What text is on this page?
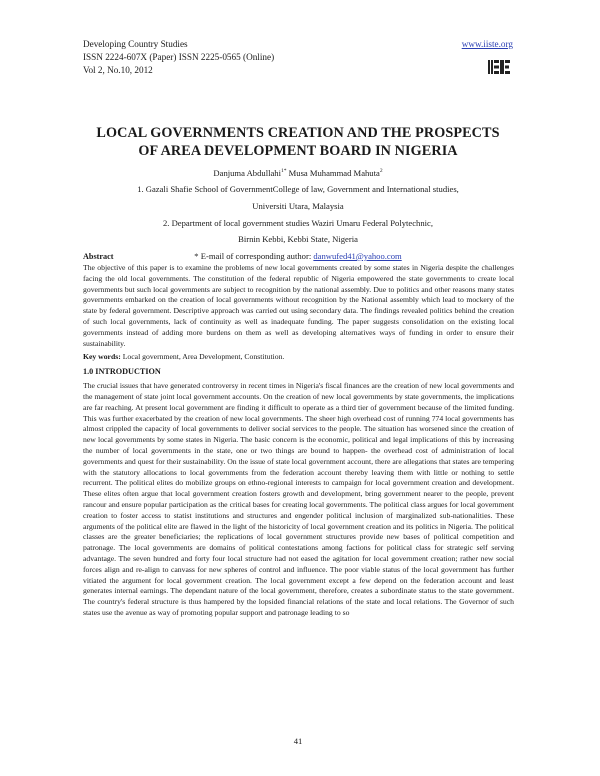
Developing Country Studies	www.iiste.org
ISSN 2224-607X (Paper) ISSN 2225-0565 (Online)
Vol 2, No.10, 2012
LOCAL GOVERNMENTS CREATION AND THE PROSPECTS
OF AREA DEVELOPMENT BOARD IN NIGERIA
Danjuma Abdullahi$^{1*}$ Musa Muhammad Mahuta$^2$
1. Gazali Shafie School of GovernmentCollege of law, Government and International studies,
Universiti Utara, Malaysia
2. Department of local government studies Waziri Umaru Federal Polytechnic,
Birnin Kebbi, Kebbi State, Nigeria
* E-mail of corresponding author: danwufed41@yahoo.com
Abstract

The objective of this paper is to examine the problems of new local governments created by some states in Nigeria despite the challenges facing the old local governments. The constitution of the federal republic of Nigeria empowered the state governments to create local governments but such local governments are subject to recognition by the national assembly. Due to politics and other reasons many states governments embarked on the creation of local governments without recognition by the National assembly which lead to mockery of the state by federal government. Descriptive approach was carried out using secondary data. The findings revealed politics behind the creation of such local governments, lack of continuity as well as inadequate funding. The paper suggests consolidation on the existing local governments instead of adding more burdens on them as well as developing alternatives ways of funding in order to ensure their sustainability.

Key words: Local government, Area Development, Constitution.

1.0 INTRODUCTION

The crucial issues that have generated controversy in recent times in Nigeria's fiscal finances are the creation of new local governments and the management of state joint local government accounts. On the creation of new local governments by state governments, the implications are far reaching. At present local government are finding it difficult to operate as a third tier of government because of the limited funding. This was further exacerbated by the creation of new local governments. The sheer high overhead cost of running 774 local governments has almost crippled the capacity of local governments to deliver social services to the people. The situation has worsened since the creation of new local governments by some states in Nigeria. The basic concern is the economic, political and legal implications of this by increasing the number of local governments in the state, one or two things are bound to happen- the overhead cost of administration of local governments and quest for their sustainability. On the issue of state local government account, there are allegations that states are tempering with the statutory allocations to local governments from the federation account thereby leaving them with little or nothing to settle recurrent. The political elites do mobilize groups on ethno-regional interests to campaign for local government creation and development. These elites often argue that local government creation fosters growth and development, bring government nearer to the people, prevent rancour and ensure popular participation as the critical bases for creating local governments. The political class argues for local government creation to foster access to statist institutions and structures and engender political inclusion of marginalized sub-nationalities. These arguments of the political elite are flawed in the light of the historicity of local government creation and its politics in Nigeria. The political classes are the greater beneficiaries; the replications of local government structures provide new bases of political competition and patronage. The local governments are domains of political contestations among factions for political class for strategic self serving advantage. The seven hundred and forty four local structure had not eased the agitation for local government creation; rather new social forces align and re-align to canvass for new spheres of control and influence. The poor viable status of the local government has further vitiated the argument for local government creation. The local government except a few depend on the federation account and least generates internal earnings. The dependant nature of the local government, therefore, creates a subordinate status to the state government. The country's federal structure is thus hampered by the lopsided financial relations of the state and local relations. The Governor of such states use the avenue as way of promoting popular support and patronage leading to so

41
